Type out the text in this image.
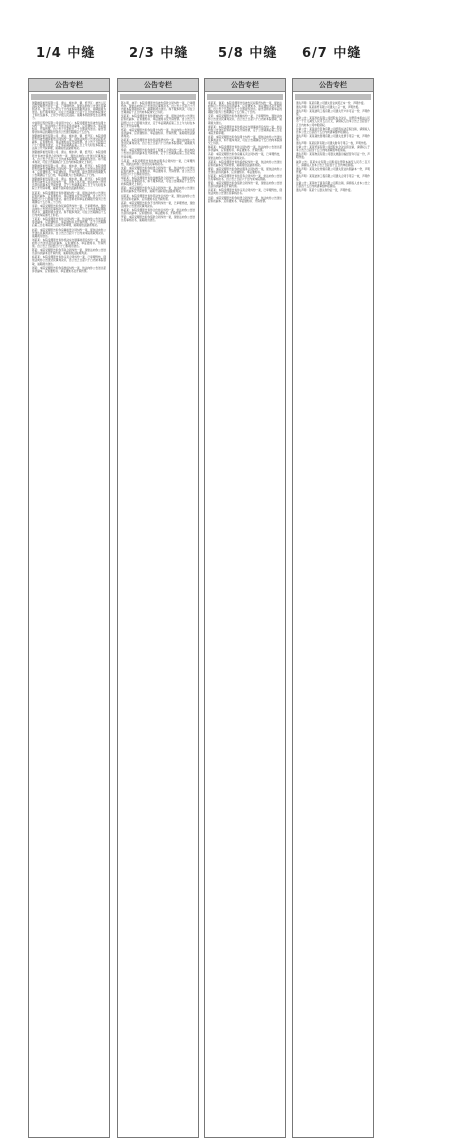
1/4 中缝	2/3 中缝 5/8 中缝 6/7 中缝
公告专栏

国银融资租赁有限公司、唐山、衡水律、鹤、经开区：被告人民法院受理原告诉讼一案，已审理终结。现依法向你公告送达民事判决书。自公告之日起六十日内来本院领取判决书，逾期则视为送达。如不服本判决，可在公告期满之日起十五日内向本院递交上诉状及副本，上诉于中级人民法院。逾期本判决即发生法律效力。

中信银行股份有限公司信用卡中心：本院受理原告诉被告信用卡纠纷一案，依法向你公告送达起诉状副本、应诉通知书、举证通知书、开庭传票。自公告之日起经过三十日即视为送达。提出答辩状和举证的期限分别为公告送达期满后十五日内。

国银融资租赁有限公司、唐山、衡水律、鹤、经开区：本院受理原告诉被告融资租赁合同纠纷一案，现依法向你公告送达起诉状副本、应诉通知书、举证通知书及开庭传票。自公告之日起经过六十日即视为送达，定于举证期满后第三日上午九时在本院第三法庭公开开庭审理，逾期将依法缺席判决。

国银融资租赁有限公司、唐山、衡水律、鹤、经开区：本院受理原告诉被告借款合同纠纷一案，现依法向你公告送达民事判决书，自公告之日起六十日内来本院领取，逾期视为送达。如不服本判决，可在公告期满后十五日内向本院递交上诉状。

国银融资租赁有限公司、唐山、衡水律、鹤、经开区：本院受理原告诉被告金融借款合同纠纷一案，依法向你公告送达起诉状副本、应诉通知书、举证通知书、开庭传票。提出答辩状的期限为公告期满后十五日内，举证期限为公告期满后三十日内。

国银融资租赁有限公司、唐山、衡水律、鹤、经开区：本院受理原告诉被告买卖合同纠纷一案，因你下落不明，依法向你公告送达起诉状副本及开庭传票，定于公告期满后第三日上午九时在本院公开开庭审理，逾期不到庭将依法缺席判决。

张某某：本院受理原告诉你离婚纠纷一案，现依法向你公告送达起诉状副本、应诉通知书、举证通知书及开庭传票。自公告之日起经过六十日即视为送达。提出答辩状和举证的期限分别为公告期满后十五日和三十日内。

李某：本院受理原告诉你民间借贷纠纷一案，已审理终结。现依法向你公告送达民事判决书，自公告之日起六十日内来本院领取判决书，逾期则视为送达。如不服本判决，可在公告期满后十五日内向本院递交上诉状。

王某某：本院受理原告诉你合同纠纷一案，依法向你公告送达起诉状副本、应诉通知书、举证通知书及开庭传票，定于公告期满后第三日在本院第二法庭开庭审理，逾期将依法缺席判决。

赵某：本院受理原告诉你房屋租赁合同纠纷一案，现依法向你公告送达民事判决书。自公告之日起六十日内来本院领取判决书，逾期视为送达。

刘某某：本院受理原告诉你机动车交通事故责任纠纷一案，依法向你公告送达起诉状副本、应诉通知书、举证通知书、开庭传票。自公告之日起经过六十日即视为送达。

陈某：本院受理原告诉你劳务合同纠纷一案，现依法向你公告送达起诉状副本及开庭传票，逾期将依法缺席判决。

杨某某：本院受理原告诉你买卖合同纠纷一案，已审理终结，现依法向你公告送达民事判决书，自公告之日起六十日内来本院领取，逾期视为送达。

周某：本院受理原告诉你追偿权纠纷一案，依法向你公告送达起诉状副本、应诉通知书、举证通知书及开庭传票。

公告专栏

陈小明、林平：本院受理原告诉被告借款合同纠纷一案，已审理终结。现依法向你们公告送达民事判决书，自公告之日起六十日内来本院领取判决书，逾期则视为送达。如不服本判决，可在公告期满后十五日内向本院递交上诉状。

吴某某：本院受理原告诉你离婚纠纷一案，现依法向你公告送达起诉状副本、应诉通知书、举证通知书及开庭传票。自公告之日起经过六十日即视为送达，定于举证期满后第三日上午九时在本院公开开庭审理。

郑某：本院受理原告诉你信用卡纠纷一案，依法向你公告送达起诉状副本、应诉通知书、举证通知书、开庭传票，逾期将依法缺席判决。

孙某某：本院受理原告诉你民间借贷纠纷一案，现依法向你公告送达民事判决书，自公告之日起六十日内来本院领取，逾期视为送达。

徐某：本院受理原告诉你建设工程施工合同纠纷一案，依法向你公告送达起诉状副本及开庭传票，定于公告期满后第三日在本院开庭审理。

马某某：本院受理原告诉你物业服务合同纠纷一案，已审理终结，现依法向你公告送达民事判决书。

朱某：本院受理原告诉你租赁合同纠纷一案，依法向你公告送达起诉状副本、应诉通知书、举证通知书、开庭传票。自公告之日起经过六十日即视为送达。

胡某某：本院受理原告诉你金融借款合同纠纷一案，现依法向你公告送达民事判决书，如不服本判决，可在公告期满后十五日内向本院递交上诉状。

郭某：本院受理原告诉你买卖合同纠纷一案，依法向你公告送达起诉状副本及开庭传票，逾期不到庭将依法缺席判决。

何某某：本院受理原告诉你劳动争议纠纷一案，现依法向你公告送达起诉状副本、应诉通知书及开庭传票。

高某：本院受理原告诉你不当得利纠纷一案，已审理终结，现依法向你公告送达民事判决书。

林某某：本院受理原告诉你合伙协议纠纷一案，依法向你公告送达起诉状副本、应诉通知书、举证通知书、开庭传票。

罗某：本院受理原告诉你借款合同纠纷一案，现依法向你公告送达民事判决书，逾期视为送达。

公告专栏

梁某某、谢某：本院受理原告诉被告民间借贷纠纷一案，现依法向你们公告送达起诉状副本、应诉通知书、举证通知书及开庭传票。自公告之日起经过六十日即视为送达。提出答辩状和举证的期限分别为公告期满后十五日和三十日内。

宋某：本院受理原告诉你离婚纠纷一案，已审理终结，现依法向你公告送达民事判决书，自公告之日起六十日内来本院领取，逾期视为送达。

唐某某：本院受理原告诉你机动车交通事故责任纠纷一案，依法向你公告送达起诉状副本及开庭传票，定于公告期满后第三日在本院开庭审理。

许某：本院受理原告诉你信用卡纠纷一案，现依法向你公告送达民事判决书，如不服本判决，可在公告期满后十五日内向本院递交上诉状。

韩某某：本院受理原告诉你合同纠纷一案，依法向你公告送达起诉状副本、应诉通知书、举证通知书、开庭传票。

冯某：本院受理原告诉你房屋买卖合同纠纷一案，已审理终结，现依法向你公告送达民事判决书。

邓某某：本院受理原告诉你追偿权纠纷一案，依法向你公告送达起诉状副本及开庭传票，逾期将依法缺席判决。

曹某：本院受理原告诉你物业服务合同纠纷一案，现依法向你公告送达起诉状副本、应诉通知书、举证通知书。

彭某某：本院受理原告诉你劳务合同纠纷一案，依法向你公告送达民事判决书，自公告之日起六十日内来本院领取。

曾某：本院受理原告诉你借款合同纠纷一案，现依法向你公告送达起诉状副本及开庭传票。

肖某某：本院受理原告诉你买卖合同纠纷一案，已审理终结，现依法向你公告送达民事判决书。

田某：本院受理原告诉你租赁合同纠纷一案，依法向你公告送达起诉状副本、应诉通知书、举证通知书、开庭传票。

公告专栏

遗失声明：某某有限公司遗失营业执照正本一份，声明作废。

遗失声明：某某商贸有限公司遗失公章一枚，声明作废。

遗失声明：某某建筑工程有限公司遗失开户许可证一份，声明作废。

减资公告：某某科技有限公司经股东会决议，注册资本拟由人民币一千万元减至人民币五百万元，请债权人自本公告之日起四十五日内向本公司申报债权。

注销公告：某某信息咨询有限公司经股东决定拟注销，请债权人自本公告之日起四十五日内向清算组申报债权。

遗失声明：某某餐饮管理有限公司遗失发票专用章一枚，声明作废。

遗失声明：某某投资有限公司遗失财务专用章一枚，声明作废。

注销公告：某某贸易有限公司经股东会决议拟注销，请债权人于本公告之日起四十五日内向清算组申报债权。

遗失声明：某某物流有限公司遗失道路运输经营许可证一份，声明作废。

减资公告：某某实业有限公司拟将注册资本减至人民币二百万元，请债权人自本公告之日起四十五日内申报债权。

遗失声明：某某文化传媒有限公司遗失营业执照副本一份，声明作废。

遗失声明：某某装饰工程有限公司遗失合同专用章一枚，声明作废。

注销公告：某某电子商务有限公司拟注销，请债权人自本公告之日起四十五日内向清算组申报债权。

遗失声明：某某个人遗失身份证一张，声明作废。
